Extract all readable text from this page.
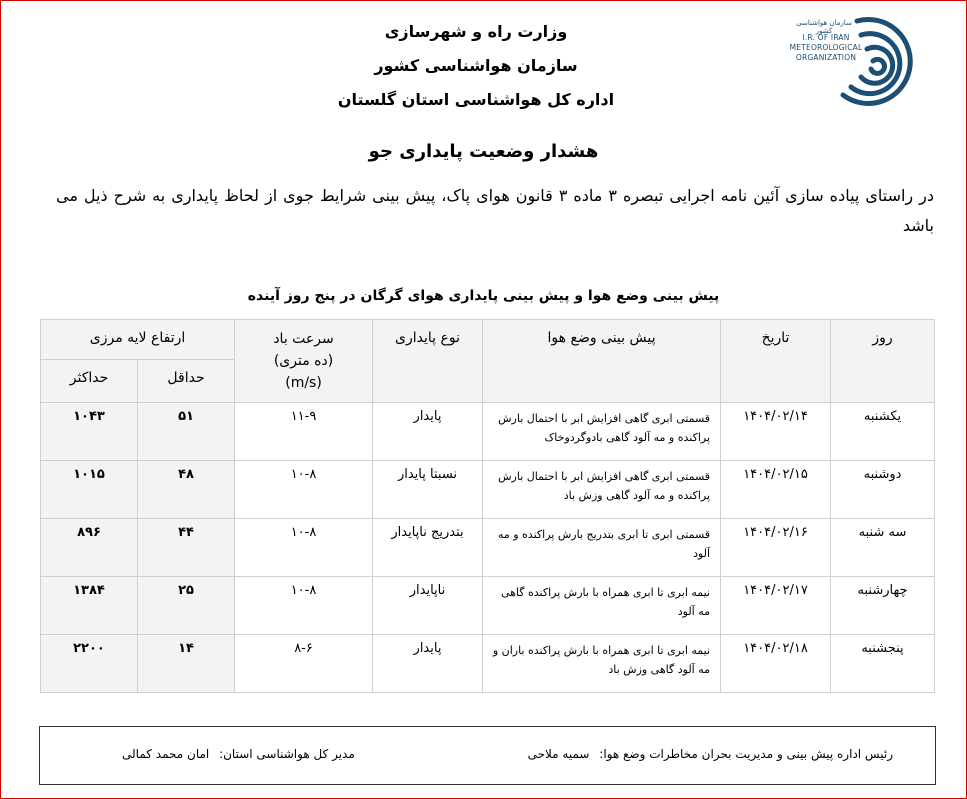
وزارت راه و شهرسازی
سازمان هواشناسی کشور
اداره کل هواشناسی استان گلستان
سازمان هواشناسی کشور
I.R. OF IRAN
METEOROLOGICAL
ORGANIZATION
هشدار وضعیت پایداری جو
در راستای پیاده سازی آئین نامه اجرایی تبصره ۳ ماده ۳ قانون هوای پاک، پیش بینی شرایط جوی از لحاظ پایداری به شرح ذیل می باشد
پیش بینی وضع هوا و پیش بینی پایداری هوای گرگان در پنج روز آینده
روز	تاریخ	پیش بینی وضع هوا	نوع پایداری	سرعت باد
(ده متری)
(m/s)	ارتفاع لایه مرزی	
					حداقل	حداکثر
یکشنبه	۱۴۰۴/۰۲/۱۴	قسمتی ابری گاهی افزایش ابر با احتمال بارش پراکنده و مه آلود گاهی بادوگردوخاک	پایدار	۱۱-۹	۵۱	۱۰۴۳
دوشنبه	۱۴۰۴/۰۲/۱۵	قسمتی ابری گاهی افزایش ابر با احتمال بارش پراکنده و مه آلود گاهی وزش باد	نسبتا پایدار	۱۰-۸	۴۸	۱۰۱۵
سه شنبه	۱۴۰۴/۰۲/۱۶	قسمتی ابری تا ابری بتدریج بارش پراکنده و مه آلود	بتدریج ناپایدار	۱۰-۸	۴۴	۸۹۶
چهارشنبه	۱۴۰۴/۰۲/۱۷	نیمه ابری تا ابری همراه با بارش پراکنده گاهی مه آلود	ناپایدار	۱۰-۸	۲۵	۱۳۸۴
پنجشنبه	۱۴۰۴/۰۲/۱۸	نیمه ابری تا ابری همراه با بارش پراکنده باران و مه آلود گاهی وزش باد	پایدار	۸-۶	۱۴	۲۲۰۰
رئیس اداره پیش بینی و مدیریت بحران مخاطرات وضع هوا: سمیه ملاحی
مدیر کل هواشناسی استان: امان محمد کمالی
